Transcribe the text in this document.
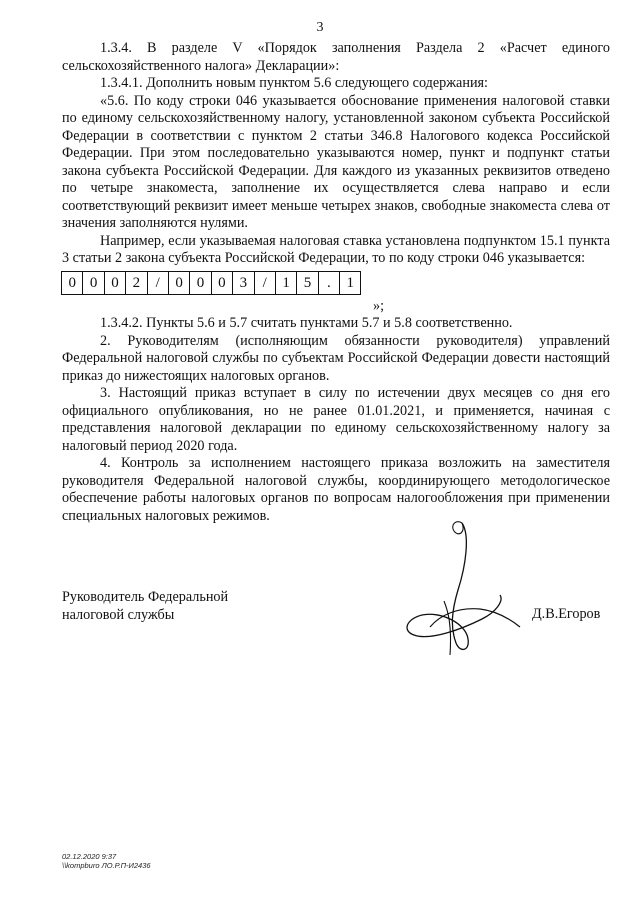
3

1.3.4. В разделе V «Порядок заполнения Раздела 2 «Расчет единого сельскохозяйственного налога» Декларации»:

1.3.4.1. Дополнить новым пунктом 5.6 следующего содержания:

«5.6. По коду строки 046 указывается обоснование применения налоговой ставки по единому сельскохозяйственному налогу, установленной законом субъекта Российской Федерации в соответствии с пунктом 2 статьи 346.8 Налогового кодекса Российской Федерации. При этом последовательно указываются номер, пункт и подпункт статьи закона субъекта Российской Федерации. Для каждого из указанных реквизитов отведено по четыре знакоместа, заполнение их осуществляется слева направо и если соответствующий реквизит имеет меньше четырех знаков, свободные знакоместа слева от значения заполняются нулями.

Например, если указываемая налоговая ставка установлена подпунктом 15.1 пункта 3 статьи 2 закона субъекта Российской Федерации, то по коду строки 046 указывается:

0 0 0 2	/	0 0 0 3	/	1 5	.	1
»;

1.3.4.2. Пункты 5.6 и 5.7 считать пунктами 5.7 и 5.8 соответственно.

2. Руководителям (исполняющим обязанности руководителя) управлений Федеральной налоговой службы по субъектам Российской Федерации довести настоящий приказ до нижестоящих налоговых органов.

3. Настоящий приказ вступает в силу по истечении двух месяцев со дня его официального опубликования, но не ранее 01.01.2021, и применяется, начиная с представления налоговой декларации по единому сельскохозяйственному налогу за налоговый период 2020 года.

4. Контроль за исполнением настоящего приказа возложить на заместителя руководителя Федеральной налоговой службы, координирующего методологическое обеспечение работы налоговых органов по вопросам налогообложения при применении специальных налоговых режимов.

Руководитель Федеральной
налоговой службы	Д.В.Егоров
02.12.2020 9:37
\\kompburo ЛО.Р.П-И2436
